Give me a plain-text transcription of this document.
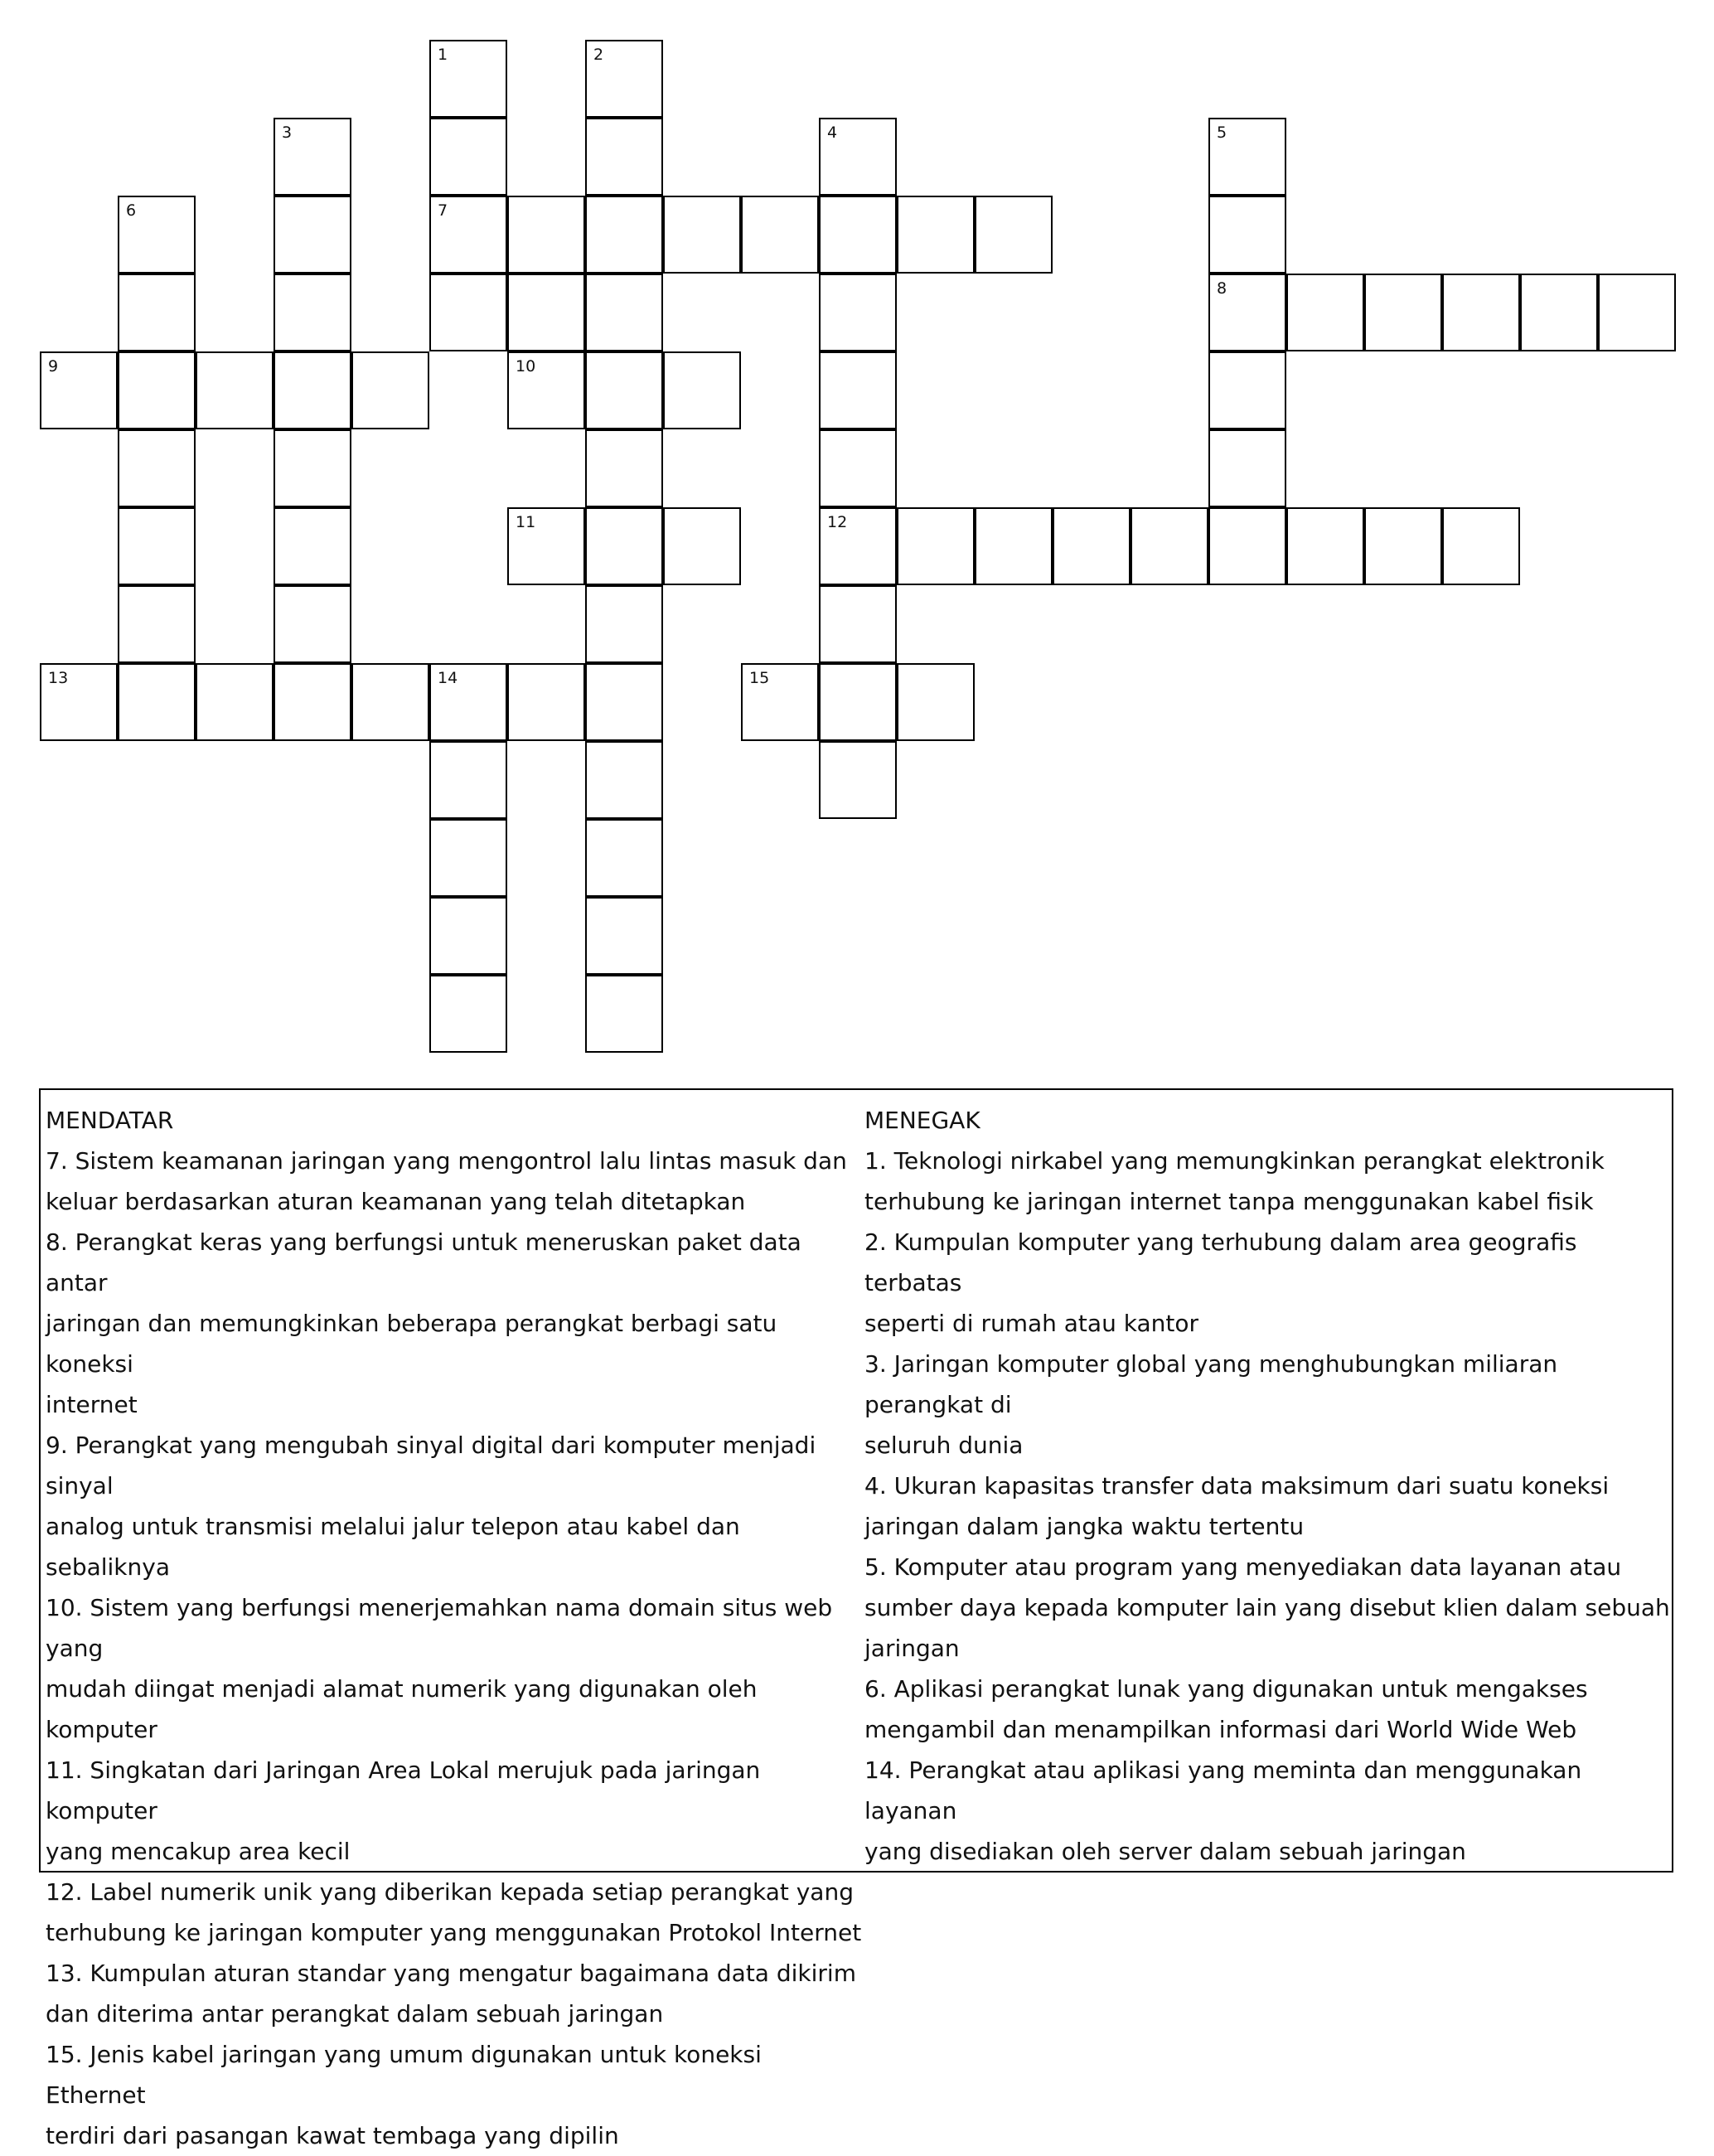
1	2
3	4	5
6	7
8
9	10
11	12
13	14	15
MENDATAR
7. Sistem keamanan jaringan yang mengontrol lalu lintas masuk dan
keluar berdasarkan aturan keamanan yang telah ditetapkan
8. Perangkat keras yang berfungsi untuk meneruskan paket data antar
jaringan dan memungkinkan beberapa perangkat berbagi satu koneksi
internet
9. Perangkat yang mengubah sinyal digital dari komputer menjadi sinyal
analog untuk transmisi melalui jalur telepon atau kabel dan sebaliknya
10. Sistem yang berfungsi menerjemahkan nama domain situs web yang
mudah diingat menjadi alamat numerik yang digunakan oleh komputer
11. Singkatan dari Jaringan Area Lokal merujuk pada jaringan komputer
yang mencakup area kecil
12. Label numerik unik yang diberikan kepada setiap perangkat yang
terhubung ke jaringan komputer yang menggunakan Protokol Internet
13. Kumpulan aturan standar yang mengatur bagaimana data dikirim
dan diterima antar perangkat dalam sebuah jaringan
15. Jenis kabel jaringan yang umum digunakan untuk koneksi Ethernet
terdiri dari pasangan kawat tembaga yang dipilin
MENEGAK
1. Teknologi nirkabel yang memungkinkan perangkat elektronik
terhubung ke jaringan internet tanpa menggunakan kabel fisik
2. Kumpulan komputer yang terhubung dalam area geografis terbatas
seperti di rumah atau kantor
3. Jaringan komputer global yang menghubungkan miliaran perangkat di
seluruh dunia
4. Ukuran kapasitas transfer data maksimum dari suatu koneksi
jaringan dalam jangka waktu tertentu
5. Komputer atau program yang menyediakan data layanan atau
sumber daya kepada komputer lain yang disebut klien dalam sebuah
jaringan
6. Aplikasi perangkat lunak yang digunakan untuk mengakses
mengambil dan menampilkan informasi dari World Wide Web
14. Perangkat atau aplikasi yang meminta dan menggunakan layanan
yang disediakan oleh server dalam sebuah jaringan
